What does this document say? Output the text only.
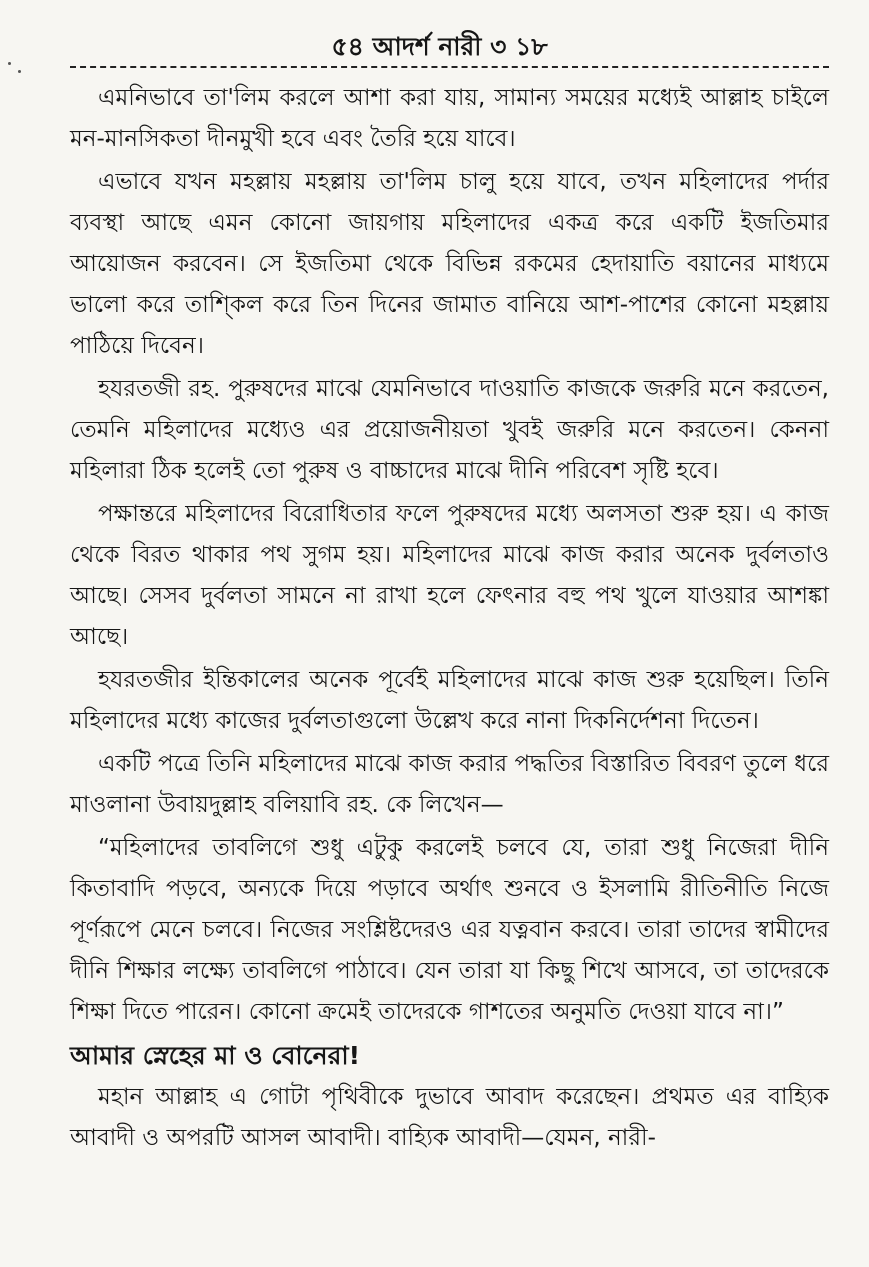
৫৪ আদর্শ নারী ৩ ১৮

এমনিভাবে তা'লিম করলে আশা করা যায়, সামান্য সময়ের মধ্যেই আল্লাহ চাইলে মন-মানসিকতা দীনমুখী হবে এবং তৈরি হয়ে যাবে।

এভাবে যখন মহল্লায় মহল্লায় তা'লিম চালু হয়ে যাবে, তখন মহিলাদের পর্দার ব্যবস্থা আছে এমন কোনো জায়গায় মহিলাদের একত্র করে একটি ইজতিমার আয়োজন করবেন। সে ইজতিমা থেকে বিভিন্ন রকমের হেদায়াতি বয়ানের মাধ্যমে ভালো করে তাশ্কিল করে তিন দিনের জামাত বানিয়ে আশ-পাশের কোনো মহল্লায় পাঠিয়ে দিবেন।

হযরতজী রহ. পুরুষদের মাঝে যেমনিভাবে দাওয়াতি কাজকে জরুরি মনে করতেন, তেমনি মহিলাদের মধ্যেও এর প্রয়োজনীয়তা খুবই জরুরি মনে করতেন। কেননা মহিলারা ঠিক হলেই তো পুরুষ ও বাচ্চাদের মাঝে দীনি পরিবেশ সৃষ্টি হবে।

পক্ষান্তরে মহিলাদের বিরোধিতার ফলে পুরুষদের মধ্যে অলসতা শুরু হয়। এ কাজ থেকে বিরত থাকার পথ সুগম হয়। মহিলাদের মাঝে কাজ করার অনেক দুর্বলতাও আছে। সেসব দুর্বলতা সামনে না রাখা হলে ফেৎনার বহু পথ খুলে যাওয়ার আশঙ্কা আছে।

হযরতজীর ইন্তিকালের অনেক পূর্বেই মহিলাদের মাঝে কাজ শুরু হয়েছিল। তিনি মহিলাদের মধ্যে কাজের দুর্বলতাগুলো উল্লেখ করে নানা দিকনির্দেশনা দিতেন।

একটি পত্রে তিনি মহিলাদের মাঝে কাজ করার পদ্ধতির বিস্তারিত বিবরণ তুলে ধরে মাওলানা উবায়দুল্লাহ বলিয়াবি রহ. কে লিখেন—

“মহিলাদের তাবলিগে শুধু এটুকু করলেই চলবে যে, তারা শুধু নিজেরা দীনি কিতাবাদি পড়বে, অন্যকে দিয়ে পড়াবে অর্থাৎ শুনবে ও ইসলামি রীতিনীতি নিজে পূর্ণরূপে মেনে চলবে। নিজের সংশ্লিষ্টদেরও এর যত্নবান করবে। তারা তাদের স্বামীদের দীনি শিক্ষার লক্ষ্যে তাবলিগে পাঠাবে। যেন তারা যা কিছু শিখে আসবে, তা তাদেরকে শিক্ষা দিতে পারেন। কোনো ক্রমেই তাদেরকে গাশতের অনুমতি দেওয়া যাবে না।”

আমার স্নেহের মা ও বোনেরা!

মহান আল্লাহ এ গোটা পৃথিবীকে দুভাবে আবাদ করেছেন। প্রথমত এর বাহ্যিক আবাদী ও অপরটি আসল আবাদী। বাহ্যিক আবাদী—যেমন, নারী-
